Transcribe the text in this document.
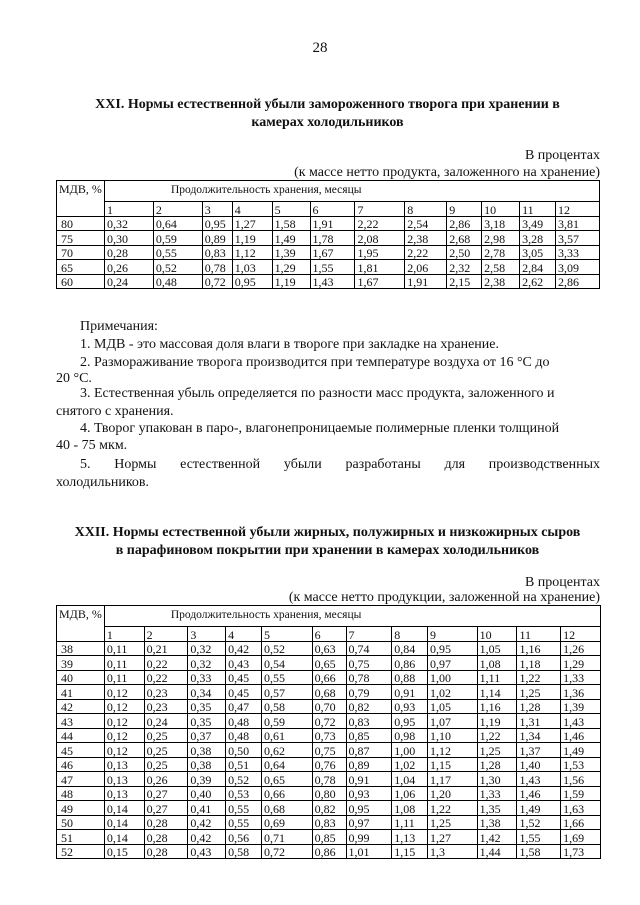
28
XXI. Нормы естественной убыли замороженного творога при хранении в
камерах холодильников
В процентах
(к массе нетто продукта, заложенного на хранение)
МДВ, %	Продолжительность хранения, месяцы											
	1	2	3	4	5	6	7	8	9	10	11	12
80	0,32	0,64	0,95	1,27	1,58	1,91	2,22	2,54	2,86	3,18	3,49	3,81
75	0,30	0,59	0,89	1,19	1,49	1,78	2,08	2,38	2,68	2,98	3,28	3,57
70	0,28	0,55	0,83	1,12	1,39	1,67	1,95	2,22	2,50	2,78	3,05	3,33
65	0,26	0,52	0,78	1,03	1,29	1,55	1,81	2,06	2,32	2,58	2,84	3,09
60	0,24	0,48	0,72	0,95	1,19	1,43	1,67	1,91	2,15	2,38	2,62	2,86

Примечания:

1. МДВ - это массовая доля влаги в твороге при закладке на хранение.

2. Размораживание творога производится при температуре воздуха от 16 °С до

20 °С.
3. Естественная убыль определяется по разности масс продукта, заложенного и
снятого с хранения.
4. Творог упакован в паро-, влагонепроницаемые полимерные пленки толщиной
40 - 75 мкм.
5. Нормы естественной убыли разработаны для производственных
холодильников.
XXII. Нормы естественной убыли жирных, полужирных и низкожирных сыров
в парафиновом покрытии при хранении в камерах холодильников
В процентах
(к массе нетто продукции, заложенной на хранение)
МДВ, %	Продолжительность хранения, месяцы											
	1	2	3	4	5	6	7	8	9	10	11	12
38	0,11	0,21	0,32	0,42	0,52	0,63	0,74	0,84	0,95	1,05	1,16	1,26
39	0,11	0,22	0,32	0,43	0,54	0,65	0,75	0,86	0,97	1,08	1,18	1,29
40	0,11	0,22	0,33	0,45	0,55	0,66	0,78	0,88	1,00	1,11	1,22	1,33
41	0,12	0,23	0,34	0,45	0,57	0,68	0,79	0,91	1,02	1,14	1,25	1,36
42	0,12	0,23	0,35	0,47	0,58	0,70	0,82	0,93	1,05	1,16	1,28	1,39
43	0,12	0,24	0,35	0,48	0,59	0,72	0,83	0,95	1,07	1,19	1,31	1,43
44	0,12	0,25	0,37	0,48	0,61	0,73	0,85	0,98	1,10	1,22	1,34	1,46
45	0,12	0,25	0,38	0,50	0,62	0,75	0,87	1,00	1,12	1,25	1,37	1,49
46	0,13	0,25	0,38	0,51	0,64	0,76	0,89	1,02	1,15	1,28	1,40	1,53
47	0,13	0,26	0,39	0,52	0,65	0,78	0,91	1,04	1,17	1,30	1,43	1,56
48	0,13	0,27	0,40	0,53	0,66	0,80	0,93	1,06	1,20	1,33	1,46	1,59
49	0,14	0,27	0,41	0,55	0,68	0,82	0,95	1,08	1,22	1,35	1,49	1,63
50	0,14	0,28	0,42	0,55	0,69	0,83	0,97	1,11	1,25	1,38	1,52	1,66
51	0,14	0,28	0,42	0,56	0,71	0,85	0,99	1,13	1,27	1,42	1,55	1,69
52	0,15	0,28	0,43	0,58	0,72	0,86	1,01	1,15	1,3	1,44	1,58	1,73
